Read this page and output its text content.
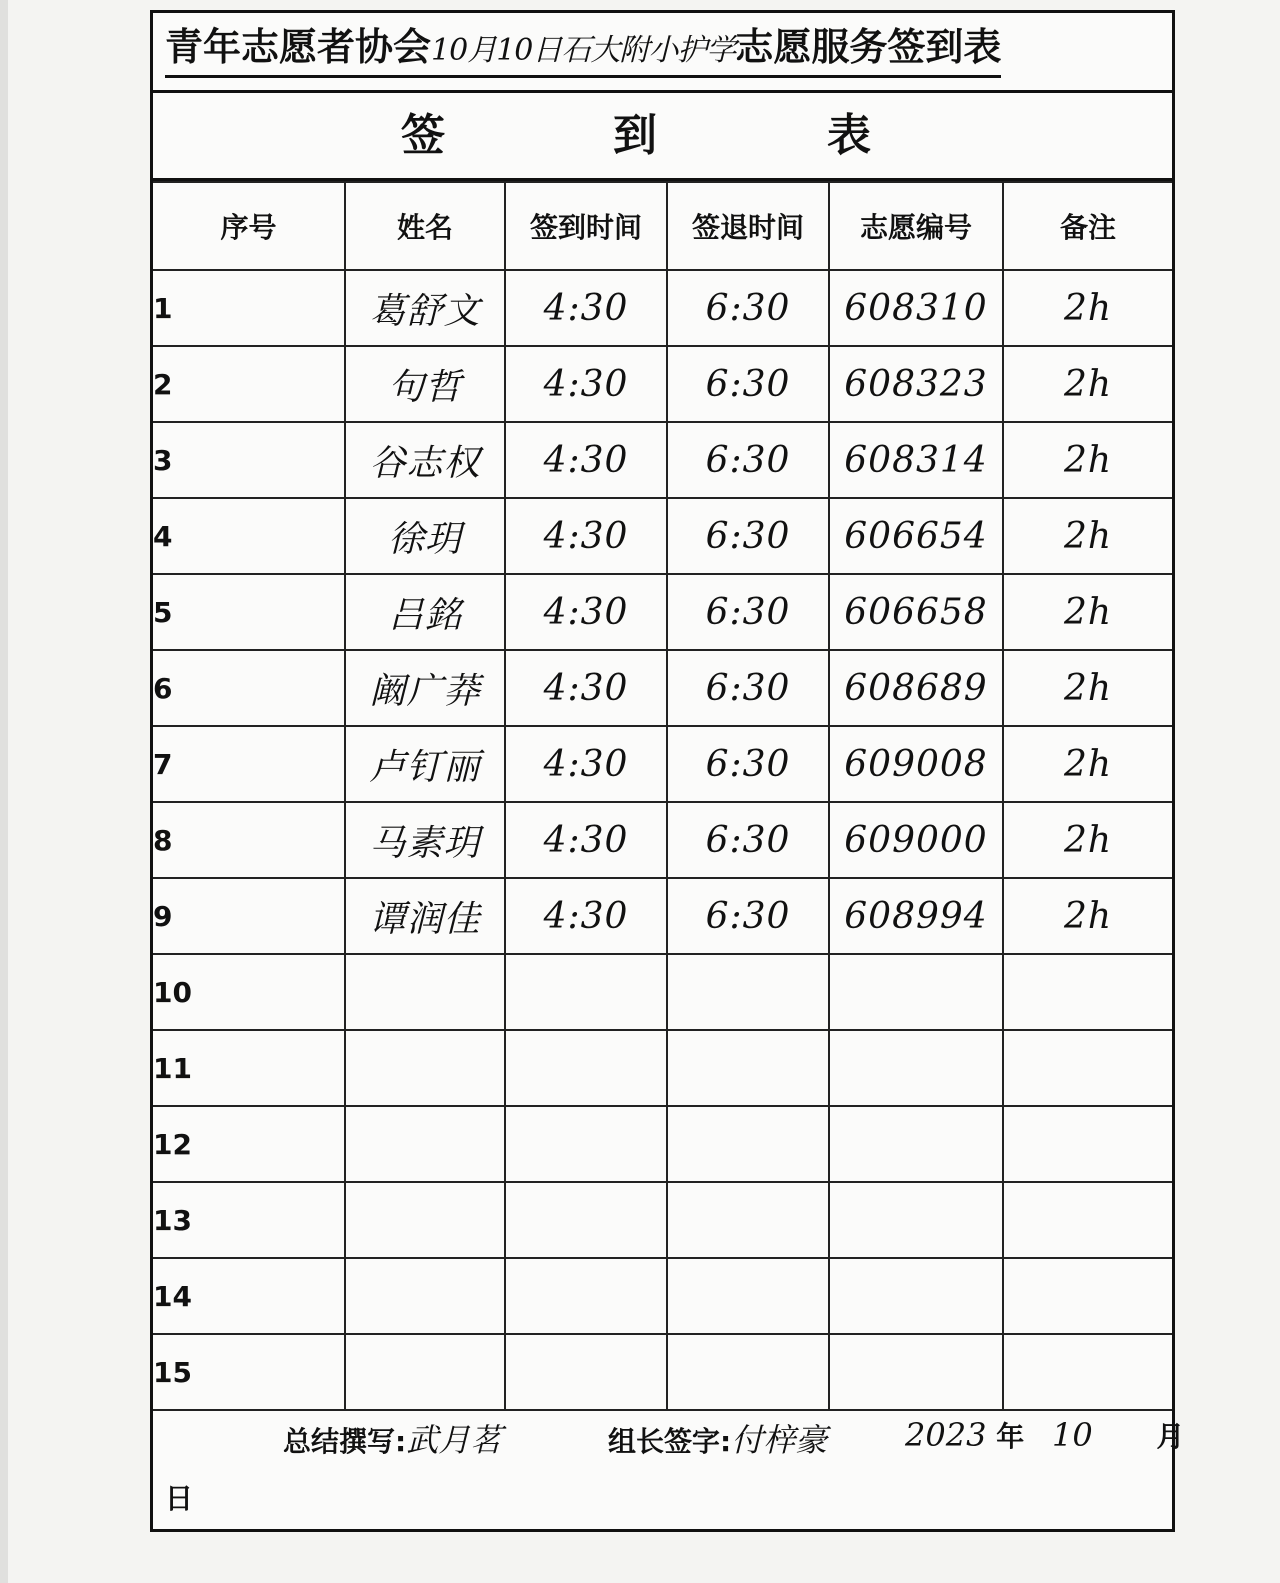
青年志愿者协会10月10日石大附小护学志愿服务签到表
签	到	表
序号	姓名	签到时间	签退时间	志愿编号	备注
1	葛舒文	4:30	6:30	608310	2h
2	句哲	4:30	6:30	608323	2h
3	谷志权	4:30	6:30	608314	2h
4	徐玥	4:30	6:30	606654	2h
5	吕銘	4:30	6:30	606658	2h
6	阚广莽	4:30	6:30	608689	2h
7	卢钉丽	4:30	6:30	609008	2h
8	马素玥	4:30	6:30	609000	2h
9	谭润佳	4:30	6:30	608994	2h
10					
11					
12					
13					
14					
15					
总结撰写:武月茗	组长签字:付梓豪 2023 年 10 月
日
